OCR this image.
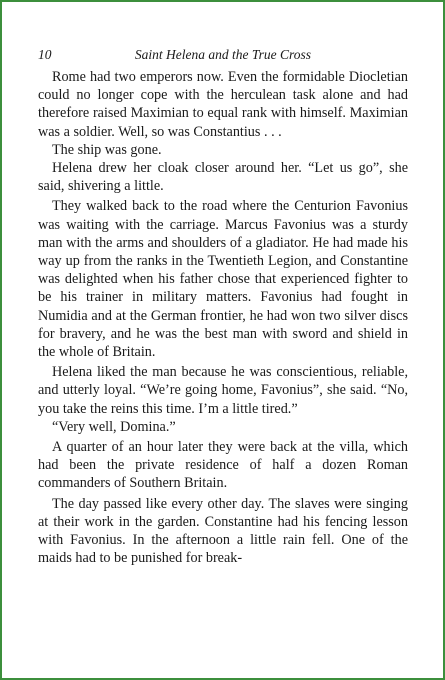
10	Saint Helena and the True Cross

Rome had two emperors now. Even the formidable Diocletian could no longer cope with the herculean task alone and had therefore raised Maximian to equal rank with himself. Maximian was a soldier. Well, so was Constantius . . .

The ship was gone.

Helena drew her cloak closer around her. “Let us go”, she said, shivering a little.

They walked back to the road where the Centurion Favonius was waiting with the carriage. Marcus Favonius was a sturdy man with the arms and shoulders of a gladiator. He had made his way up from the ranks in the Twentieth Legion, and Constantine was delighted when his father chose that experienced fighter to be his trainer in military matters. Favonius had fought in Numidia and at the German frontier, he had won two silver discs for bravery, and he was the best man with sword and shield in the whole of Britain.

Helena liked the man because he was conscientious, reliable, and utterly loyal. “We’re going home, Favonius”, she said. “No, you take the reins this time. I’m a little tired.”

“Very well, Domina.”

A quarter of an hour later they were back at the villa, which had been the private residence of half a dozen Roman commanders of Southern Britain.

The day passed like every other day. The slaves were singing at their work in the garden. Constantine had his fencing lesson with Favonius. In the afternoon a little rain fell. One of the maids had to be punished for break-
